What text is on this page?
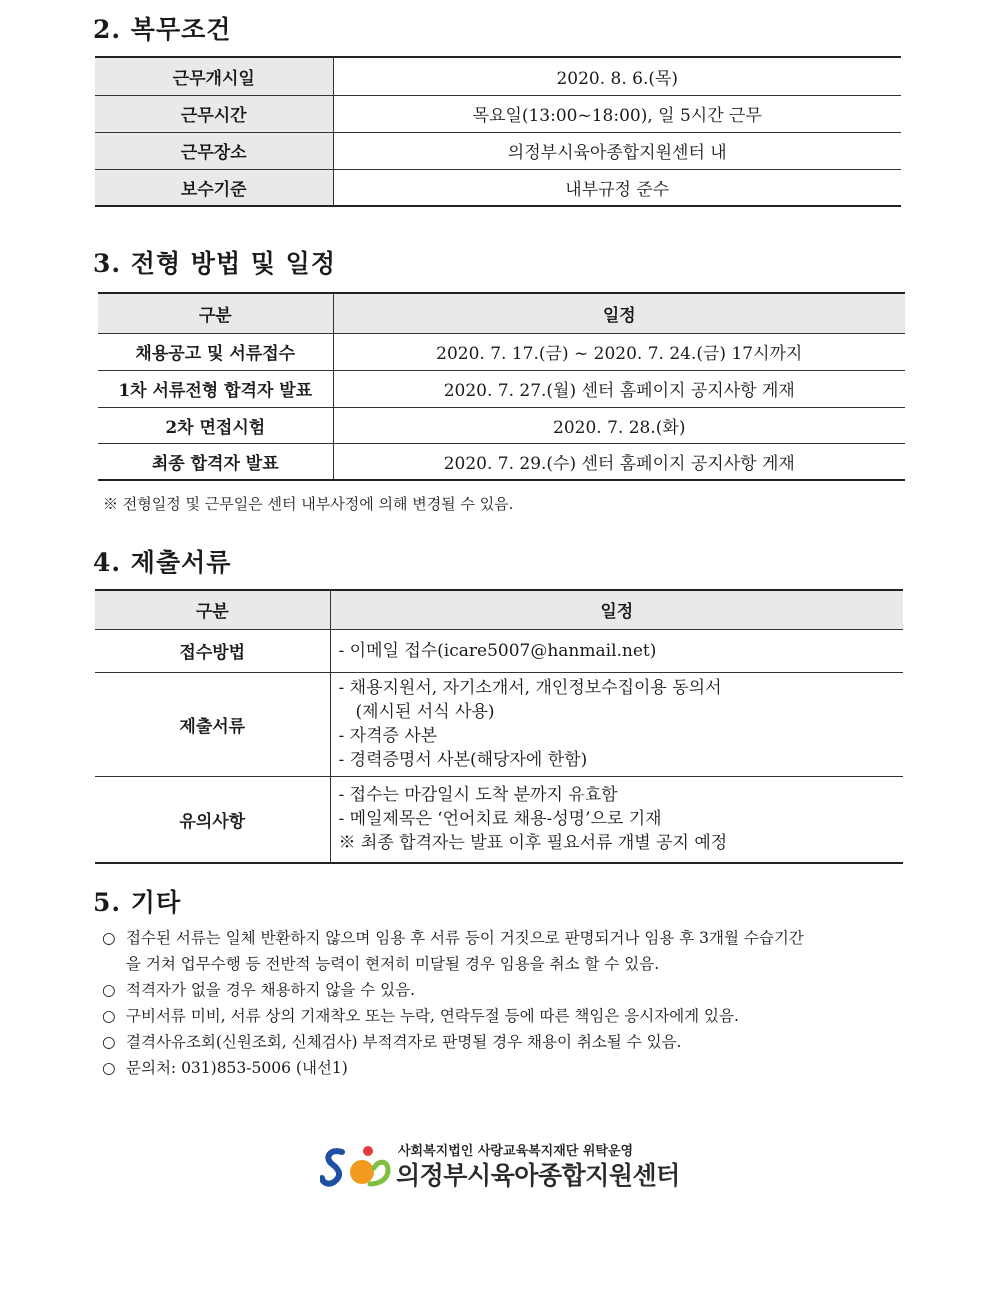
2. 복무조건
근무개시일	2020. 8. 6.(목)
근무시간	목요일(13:00~18:00), 일 5시간 근무
근무장소	의정부시육아종합지원센터 내
보수기준	내부규정 준수
3. 전형 방법 및 일정
구분	일정
채용공고 및 서류접수	2020. 7. 17.(금) ~ 2020. 7. 24.(금) 17시까지
1차 서류전형 합격자 발표	2020. 7. 27.(월) 센터 홈페이지 공지사항 게재
2차 면접시험	2020. 7. 28.(화)
최종 합격자 발표	2020. 7. 29.(수) 센터 홈페이지 공지사항 게재
※ 전형일정 및 근무일은 센터 내부사정에 의해 변경될 수 있음.
4. 제출서류
구분	일정
접수방법	- 이메일 접수(icare5007@hanmail.net)

제출서류	- 채용지원서, 자기소개서, 개인정보수집이용 동의서
(제시된 서식 사용)
- 자격증 사본
- 경력증명서 사본(해당자에 한함)

유의사항	- 접수는 마감일시 도착 분까지 유효함
- 메일제목은 ‘언어치료 채용-성명’으로 기재
※ 최종 합격자는 발표 이후 필요서류 개별 공지 예정
5. 기타
○ 접수된 서류는 일체 반환하지 않으며 임용 후 서류 등이 거짓으로 판명되거나 임용 후 3개월 수습기간
을 거쳐 업무수행 등 전반적 능력이 현저히 미달될 경우 임용을 취소 할 수 있음.
○ 적격자가 없을 경우 채용하지 않을 수 있음.
○ 구비서류 미비, 서류 상의 기재착오 또는 누락, 연락두절 등에 따른 책임은 응시자에게 있음.
○ 결격사유조회(신원조회, 신체검사) 부적격자로 판명될 경우 채용이 취소될 수 있음.
○ 문의처: 031)853-5006 (내선1)
사회복지법인 사랑교육복지재단 위탁운영
의정부시육아종합지원센터
